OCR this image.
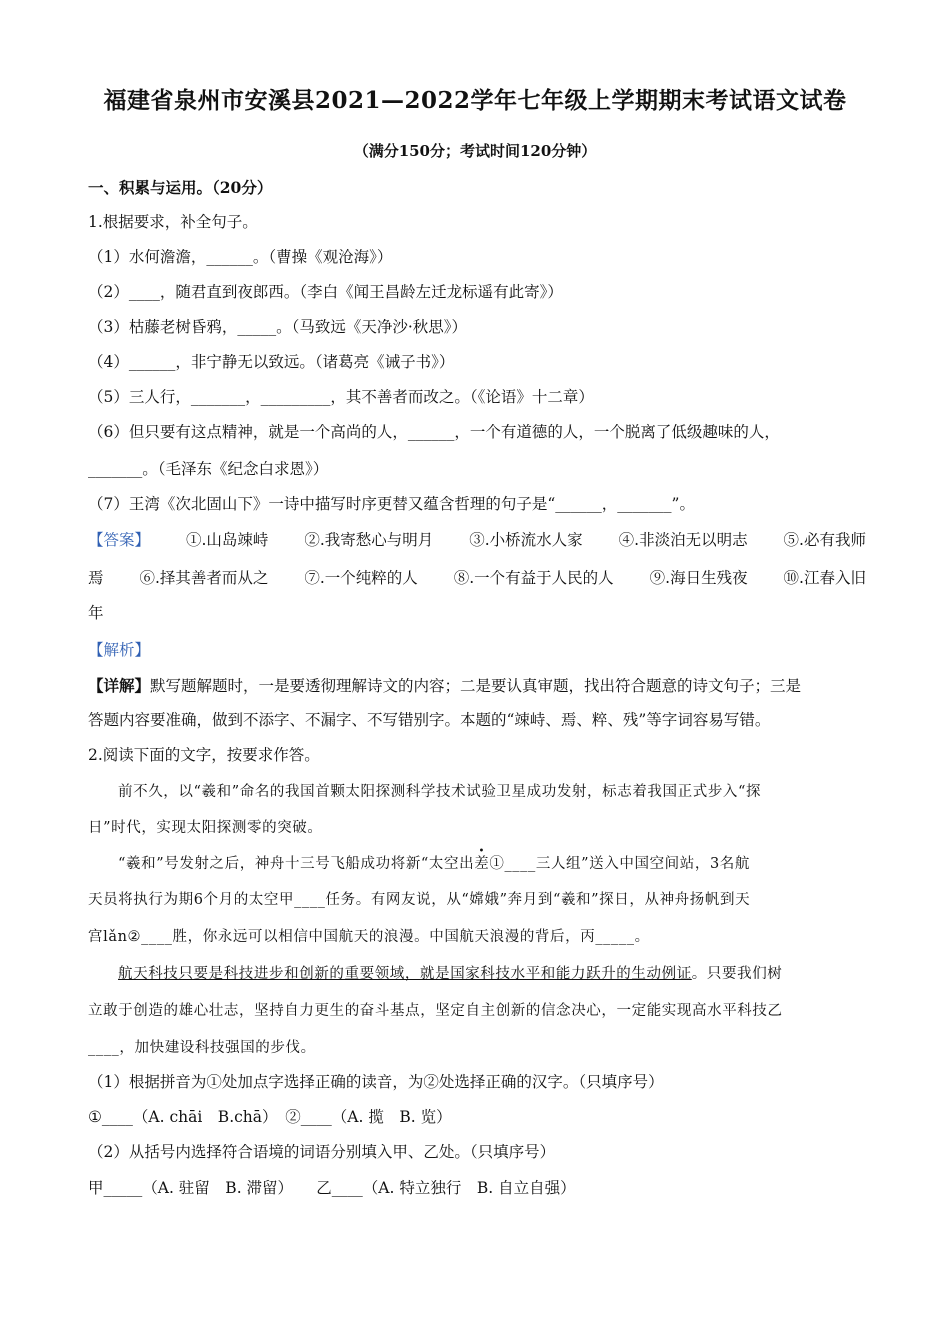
福建省泉州市安溪县2021—2022学年七年级上学期期末考试语文试卷
（满分150分；考试时间120分钟）
一、积累与运用。（20分）
1.根据要求，补全句子。
（1）水何澹澹，______。（曹操《观沧海》）
（2）____，随君直到夜郎西。（李白《闻王昌龄左迁龙标遥有此寄》）
（3）枯藤老树昏鸦，_____。（马致远《天净沙·秋思》）
（4）______，非宁静无以致远。（诸葛亮《诫子书》）
（5）三人行，_______，_________，其不善者而改之。（《论语》十二章）
（6）但只要有这点精神，就是一个高尚的人，______，一个有道德的人，一个脱离了低级趣味的人，
_______。（毛泽东《纪念白求恩》）
（7）王湾《次北固山下》一诗中描写时序更替又蕴含哲理的句子是“______，_______”。
【答案】 ①.山岛竦峙 ②.我寄愁心与明月 ③.小桥流水人家 ④.非淡泊无以明志 ⑤.必有我师
焉 ⑥.择其善者而从之 ⑦.一个纯粹的人 ⑧.一个有益于人民的人 ⑨.海日生残夜 ⑩.江春入旧
年
【解析】
【详解】默写题解题时，一是要透彻理解诗文的内容；二是要认真审题，找出符合题意的诗文句子；三是
答题内容要准确，做到不添字、不漏字、不写错别字。本题的“竦峙、焉、粹、残”等字词容易写错。
2.阅读下面的文字，按要求作答。
前不久，以“羲和”命名的我国首颗太阳探测科学技术试验卫星成功发射，标志着我国正式步入“探
日”时代，实现太阳探测零的突破。
“羲和”号发射之后，神舟十三号飞船成功将新“太空出差①____三人组”送入中国空间站，3名航
天员将执行为期6个月的太空甲____任务。有网友说，从“嫦娥”奔月到“羲和”探日，从神舟扬帆到天
宫lǎn②____胜，你永远可以相信中国航天的浪漫。中国航天浪漫的背后，丙_____。
航天科技只要是科技进步和创新的重要领域，就是国家科技水平和能力跃升的生动例证。只要我们树
立敢于创造的雄心壮志，坚持自力更生的奋斗基点，坚定自主创新的信念决心，一定能实现高水平科技乙
____，加快建设科技强国的步伐。
（1）根据拼音为①处加点字选择正确的读音，为②处选择正确的汉字。（只填序号）
①____（A. chāi　B.chā）　②____（A. 揽　B. 览）
（2）从括号内选择符合语境的词语分别填入甲、乙处。（只填序号）
甲_____（A. 驻留　B. 滞留）　　乙____（A. 特立独行　B. 自立自强）
